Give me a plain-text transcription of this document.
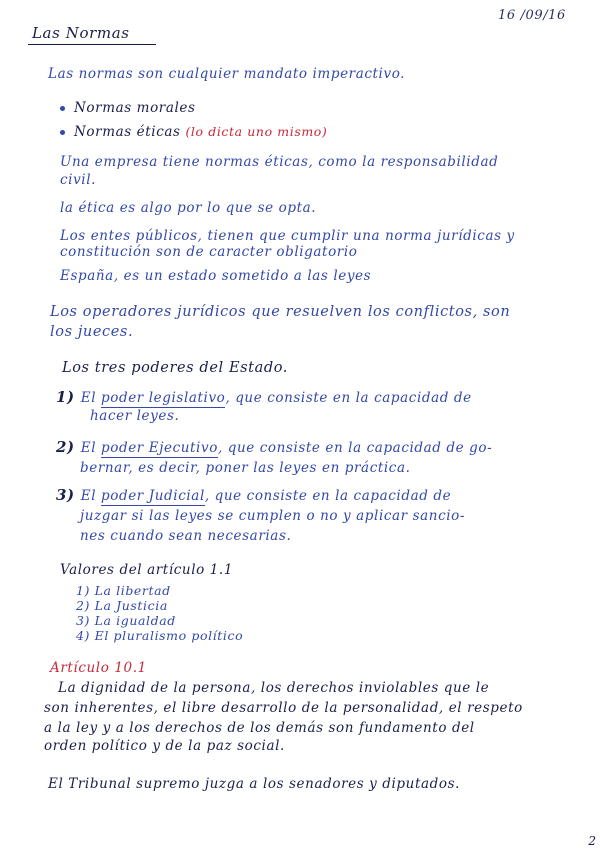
16 /09/16
Las Normas
Las normas son cualquier mandato imperactivo.
Normas morales
Normas éticas (lo dicta uno mismo)
Una empresa tiene normas éticas, como la responsabilidad
civil.
la ética es algo por lo que se opta.
Los entes públicos, tienen que cumplir una norma jurídicas y
constitución son de caracter obligatorio
España, es un estado sometido a las leyes
Los operadores jurídicos que resuelven los conflictos, son
los jueces.
Los tres poderes del Estado.
1) El poder legislativo, que consiste en la capacidad de
hacer leyes.
2) El poder Ejecutivo, que consiste en la capacidad de go-
bernar, es decir, poner las leyes en práctica.
3) El poder Judicial, que consiste en la capacidad de
juzgar si las leyes se cumplen o no y aplicar sancio-
nes cuando sean necesarias.
Valores del artículo 1.1
1) La libertad
2) La Justicia
3) La igualdad
4) El pluralismo político
Artículo 10.1
La dignidad de la persona, los derechos inviolables que le
son inherentes, el libre desarrollo de la personalidad, el respeto
a la ley y a los derechos de los demás son fundamento del
orden político y de la paz social.
El Tribunal supremo juzga a los senadores y diputados.
2
